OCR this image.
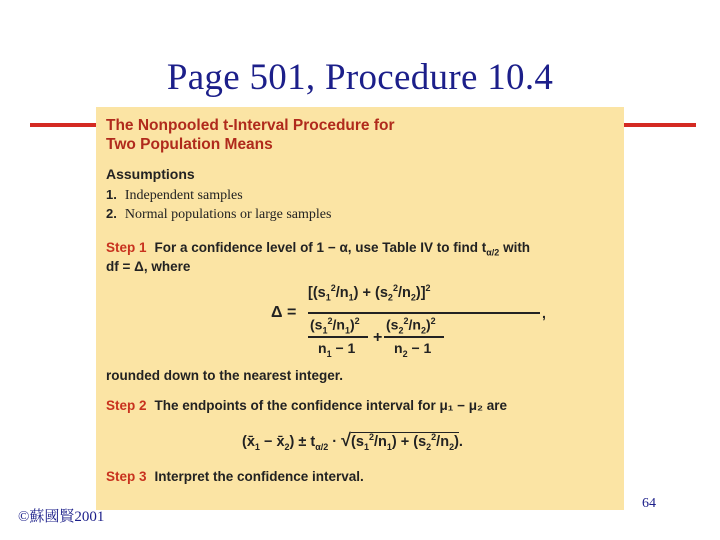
Page 501, Procedure 10.4
The Nonpooled t-Interval Procedure for
Two Population Means
Assumptions
1. Independent samples
2. Normal populations or large samples
Step 1 For a confidence level of 1 − α, use Table IV to find $t_{\alpha/2}$ with
df = Δ, where
Δ =
$[(s_1^2/n_1) + (s_2^2/n_2)]^2$
,
$(s_1^2/n_1)^2$
$n_1 - 1$
+
$(s_2^2/n_2)^2$
$n_2 - 1$
rounded down to the nearest integer.
Step 2 The endpoints of the confidence interval for μ₁ − μ₂ are
($x̄_1$ − $x̄_2) \pm t_{\alpha/2} \cdot √(s_1^2/n_1) + (s_2^2/n_2)$.
Step 3 Interpret the confidence interval.
©蘇國賢2001
64
